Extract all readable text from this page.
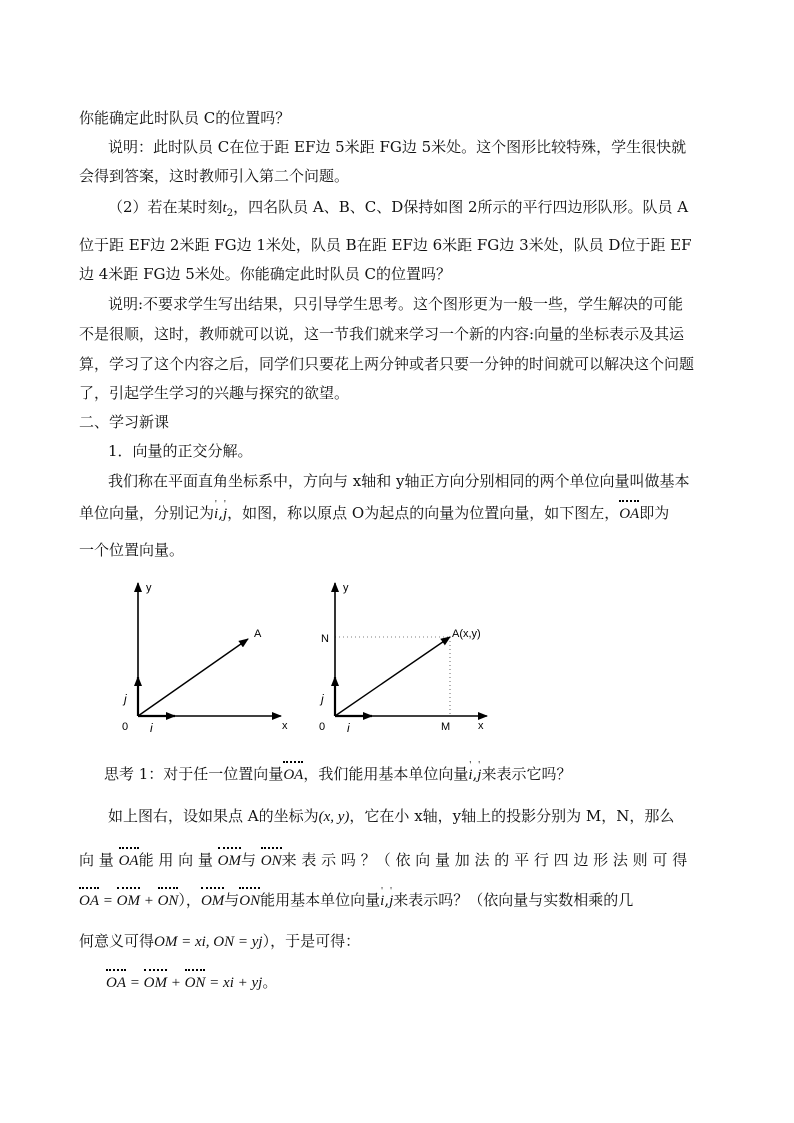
你能确定此时队员 C的位置吗？
说明：此时队员 C在位于距 EF边 5米距 FG边 5米处。这个图形比较特殊，学生很快就
会得到答案，这时教师引入第二个问题。
（2）若在某时刻$t_2$，四名队员 A、B、C、D保持如图 2所示的平行四边形队形。队员 A
位于距 EF边 2米距 FG边 1米处，队员 B在距 EF边 6米距 FG边 3米处，队员 D位于距 EF
边 4米距 FG边 5米处。你能确定此时队员 C的位置吗？
说明:不要求学生写出结果，只引导学生思考。这个图形更为一般一些，学生解决的可能
不是很顺，这时，教师就可以说，这一节我们就来学习一个新的内容:向量的坐标表示及其运
算，学习了这个内容之后，同学们只要花上两分钟或者只要一分钟的时间就可以解决这个问题
了，引起学生学习的兴趣与探究的欲望。
二、学习新课
1．向量的正交分解。
我们称在平面直角坐标系中，方向与 x轴和 y轴正方向分别相同的两个单位向量叫做基本
单位向量，分别记为' i,' j，如图，称以原点 O为起点的向量为位置向量，如下图左，OA即为
一个位置向量。
y
x
A
0
j
i
y
x
A(x,y)
N
M
0
j
i
思考 1：对于任一位置向量OA，我们能用基本单位向量' i,' j来表示它吗？
如上图右，设如果点 A的坐标为(x, y)，它在小 x轴，y轴上的投影分别为 M，N，那么
向 量 OA能 用 向 量 OM与 ON来 表 示 吗 ？（ 依 向 量 加 法 的 平 行 四 边 形 法 则 可 得
OA = OM + ON），OM与ON能用基本单位向量' i,' j来表示吗？（依向量与实数相乘的几
何意义可得OM = xi, ON = yj），于是可得：
OA = OM + ON = xi + yj。
